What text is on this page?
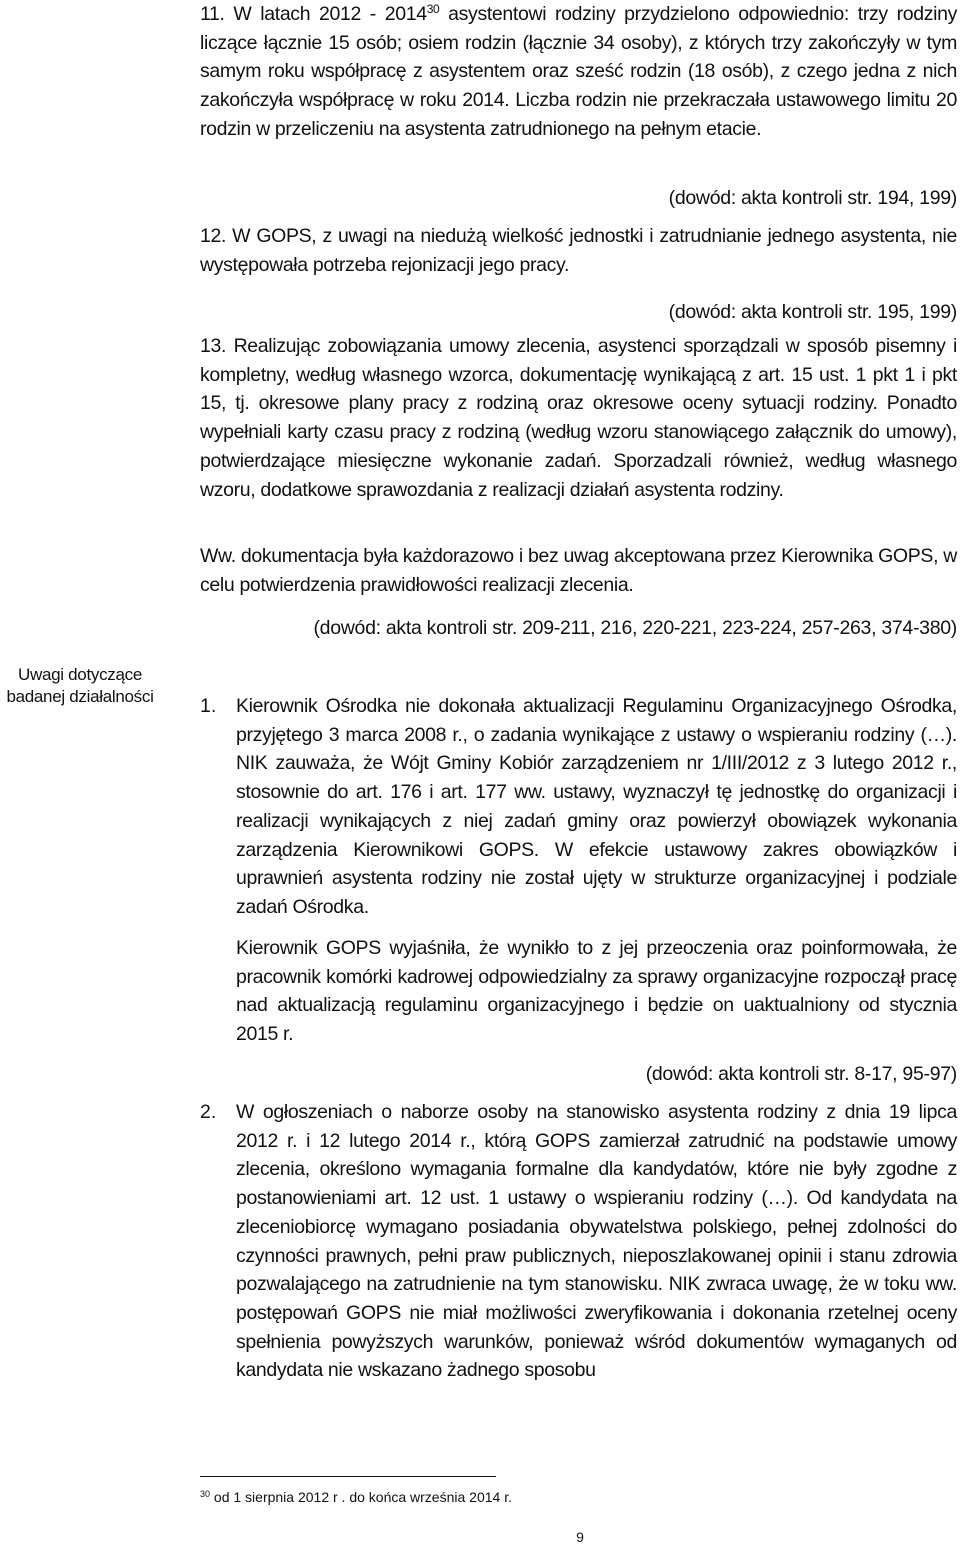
11. W latach 2012 - 2014$^{30}$ asystentowi rodziny przydzielono odpowiednio: trzy rodziny liczące łącznie 15 osób; osiem rodzin (łącznie 34 osoby), z których trzy zakończyły w tym samym roku współpracę z asystentem oraz sześć rodzin (18 osób), z czego jedna z nich zakończyła współpracę w roku 2014. Liczba rodzin nie przekraczała ustawowego limitu 20 rodzin w przeliczeniu na asystenta zatrudnionego na pełnym etacie.

(dowód: akta kontroli str. 194, 199)

12. W GOPS, z uwagi na niedużą wielkość jednostki i zatrudnianie jednego asystenta, nie występowała potrzeba rejonizacji jego pracy.

(dowód: akta kontroli str. 195, 199)

13. Realizując zobowiązania umowy zlecenia, asystenci sporządzali w sposób pisemny i kompletny, według własnego wzorca, dokumentację wynikającą z art. 15 ust. 1 pkt 1 i pkt 15, tj. okresowe plany pracy z rodziną oraz okresowe oceny sytuacji rodziny. Ponadto wypełniali karty czasu pracy z rodziną (według wzoru stanowiącego załącznik do umowy), potwierdzające miesięczne wykonanie zadań. Sporzadzali również, według własnego wzoru, dodatkowe sprawozdania z realizacji działań asystenta rodziny.

Ww. dokumentacja była każdorazowo i bez uwag akceptowana przez Kierownika GOPS, w celu potwierdzenia prawidłowości realizacji zlecenia.

(dowód: akta kontroli str. 209-211, 216, 220-221, 223-224, 257-263, 374-380)
Uwagi dotyczące badanej działalności	1. Kierownik Ośrodka nie dokonała aktualizacji Regulaminu Organizacyjnego Ośrodka, przyjętego 3 marca 2008 r., o zadania wynikające z ustawy o wspieraniu rodziny (…). NIK zauważa, że Wójt Gminy Kobiór zarządzeniem nr 1/III/2012 z 3 lutego 2012 r., stosownie do art. 176 i art. 177 ww. ustawy, wyznaczył tę jednostkę do organizacji i realizacji wynikających z niej zadań gminy oraz powierzył obowiązek wykonania zarządzenia Kierownikowi GOPS. W efekcie ustawowy zakres obowiązków i uprawnień asystenta rodziny nie został ujęty w strukturze organizacyjnej i podziale zadań Ośrodka.

Kierownik GOPS wyjaśniła, że wynikło to z jej przeoczenia oraz poinformowała, że pracownik komórki kadrowej odpowiedzialny za sprawy organizacyjne rozpoczął pracę nad aktualizacją regulaminu organizacyjnego i będzie on uaktualniony od stycznia 2015 r.

(dowód: akta kontroli str. 8-17, 95-97)
2. W ogłoszeniach o naborze osoby na stanowisko asystenta rodziny z dnia 19 lipca 2012 r. i 12 lutego 2014 r., którą GOPS zamierzał zatrudnić na podstawie umowy zlecenia, określono wymagania formalne dla kandydatów, które nie były zgodne z postanowieniami art. 12 ust. 1 ustawy o wspieraniu rodziny (…). Od kandydata na zleceniobiorcę wymagano posiadania obywatelstwa polskiego, pełnej zdolności do czynności prawnych, pełni praw publicznych, nieposzlakowanej opinii i stanu zdrowia pozwalającego na zatrudnienie na tym stanowisku. NIK zwraca uwagę, że w toku ww. postępowań GOPS nie miał możliwości zweryfikowania i dokonania rzetelnej oceny spełnienia powyższych warunków, ponieważ wśród dokumentów wymaganych od kandydata nie wskazano żadnego sposobu

$^{30}$ od 1 sierpnia 2012 r . do końca września 2014 r.
9
